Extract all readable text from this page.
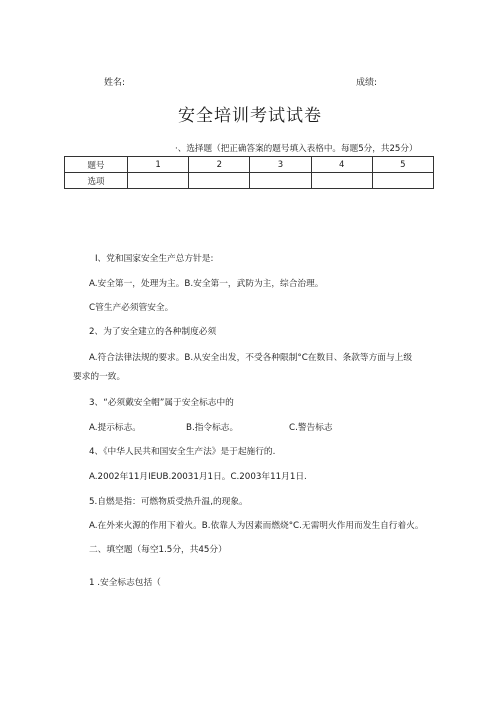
姓名:	成绩:
安全培训考试试卷
·、选择题（把正确答案的题号填入表格中。每题5分，共25分）
题号	1	2	3	4	5
选项					
I、党和国家安全生产总方针是:
A.安全第一，处理为主。B.安全第一，武防为主，综合治理。
C管生产必须管安全。
2、为了安全建立的各种制度必须
A.符合法律法规的要求。B.从安全出发，不受各种限制°C在数目、条款等方面与上级
要求的一致。
3、“必须戴安全帽”属于安全标志中的
A.提示标志。	B.指令标志。	C.警告标志
4、《中华人民共和国安全生产法》是于起施行的.
A.2002年11月IEUB.20031月1日。C.2003年11月1日.
5.自燃是指：可燃物质受热升温,的现象。
A.在外来火源的作用下着火。B.依靠人为因素而燃烧°C.无需明火作用而发生自行着火。
二、填空题（每空1.5分，共45分）
1 .安全标志包括（
